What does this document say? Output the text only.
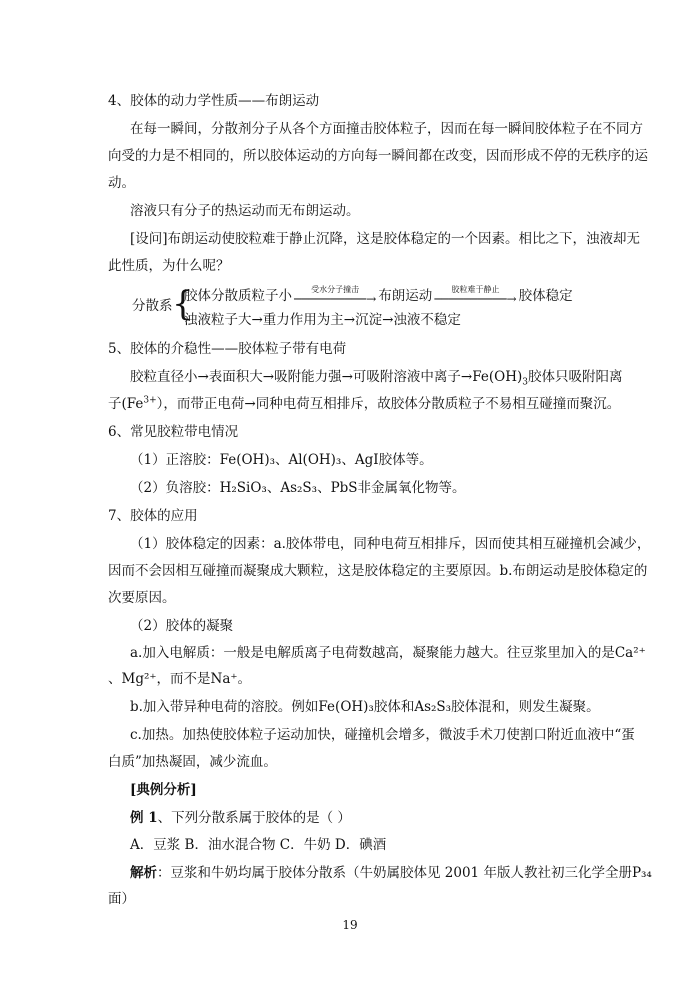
4、胶体的动力学性质——布朗运动
在每一瞬间，分散剂分子从各个方面撞击胶体粒子，因而在每一瞬间胶体粒子在不同方
向受的力是不相同的，所以胶体运动的方向每一瞬间都在改变，因而形成不停的无秩序的运
动。
溶液只有分子的热运动而无布朗运动。
[设问]布朗运动使胶粒难于静止沉降，这是胶体稳定的一个因素。相比之下，浊液却无
此性质，为什么呢？
分散系 {
胶体分散质粒子小 受水分子撞击
──────────→ 布朗运动 胶粒难于静止
──────────→ 胶体稳定
浊液粒子大→重力作用为主→沉淀→浊液不稳定
5、胶体的介稳性——胶体粒子带有电荷
胶粒直径小→表面积大→吸附能力强→可吸附溶液中离子$\to Fe(OH)_3$胶体只吸附阳离
子$(Fe^{3+})$，而带正电荷→同种电荷互相排斥，故胶体分散质粒子不易相互碰撞而聚沉。
6、常见胶粒带电情况
（1）正溶胶：Fe(OH)₃、Al(OH)₃、AgI胶体等。
（2）负溶胶：H₂SiO₃、As₂S₃、PbS非金属氧化物等。
7、胶体的应用
（1）胶体稳定的因素：a.胶体带电，同种电荷互相排斥，因而使其相互碰撞机会减少，
因而不会因相互碰撞而凝聚成大颗粒，这是胶体稳定的主要原因。b.布朗运动是胶体稳定的
次要原因。
（2）胶体的凝聚
a.加入电解质：一般是电解质离子电荷数越高，凝聚能力越大。往豆浆里加入的是Ca²⁺
、Mg²⁺，而不是Na⁺。
b.加入带异种电荷的溶胶。例如Fe(OH)₃胶体和As₂S₃胶体混和，则发生凝聚。
c.加热。加热使胶体粒子运动加快，碰撞机会增多，微波手术刀使割口附近血液中“蛋
白质”加热凝固，减少流血。
[典例分析]
例 1、下列分散系属于胶体的是（ ）
A．豆浆 B．油水混合物 C．牛奶 D．碘酒
解析：豆浆和牛奶均属于胶体分散系（牛奶属胶体见 2001 年版人教社初三化学全册P₃₄
面）
19
